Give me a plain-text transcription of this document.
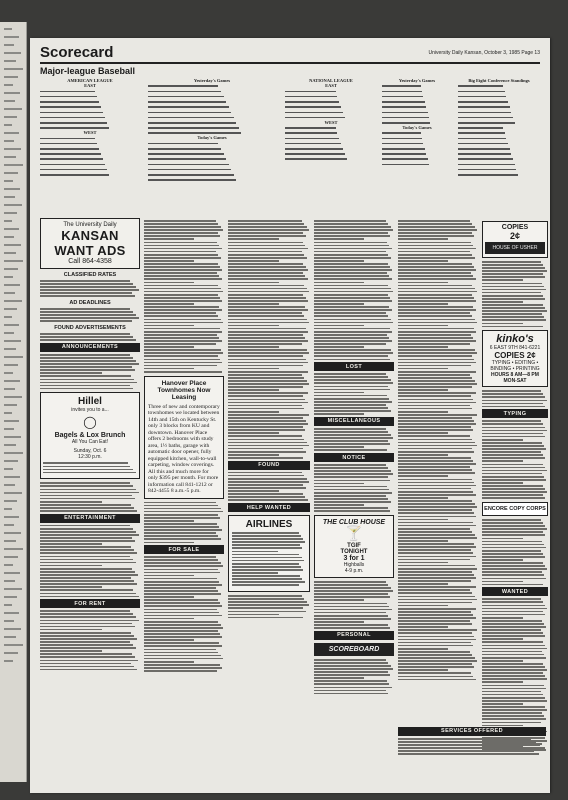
Scorecard	University Daily Kansan, October 3, 1985 Page 13
Major-league Baseball
AMERICAN LEAGUE
EAST
WEST
Yesterday's Games
Today's Games
NATIONAL LEAGUE
EAST
WEST
Yesterday's Games
Today's Games
Big Eight Conference Standings
The University Daily
KANSAN WANT ADS
Call 864-4358
CLASSIFIED RATES
AD DEADLINES
FOUND ADVERTISEMENTS
ANNOUNCEMENTS
Hillel
invites you to a...
◯
Bagels & Lox Brunch
All You Can Eat!
Sunday, Oct. 6
12:30 p.m.
ENTERTAINMENT
FOR RENT
Hanover Place Townhomes Now Leasing
Three of new and contemporary townhomes we located between 14th and 15th on Kentucky St. only 3 blocks from KU and downtown. Hanover Place offers 2 bedrooms with study area, 1½ baths, garage with automatic door opener, fully equipped kitchen, wall-to-wall carpeting, window coverings. All this and much more for only $395 per month. For more information call 841-1212 or 842-4455 8 a.m.-5 p.m.
FOR SALE
FOUND
HELP WANTED
AIRLINES
LOST
MISCELLANEOUS
NOTICE
THE CLUB HOUSE
🍸
TGIF
TONIGHT
3 for 1
Highballs
4-9 p.m.
PERSONAL
SCOREBOARD
COPIES
2¢
HOUSE OF USHER
kinko's
6 EAST 9TH 841-6221
COPIES 2¢
TYPING • EDITING • BINDING • PRINTING
HOURS 8 AM—8 PM MON-SAT
TYPING
ENCORE COPY CORPS
WANTED
SERVICES OFFERED
